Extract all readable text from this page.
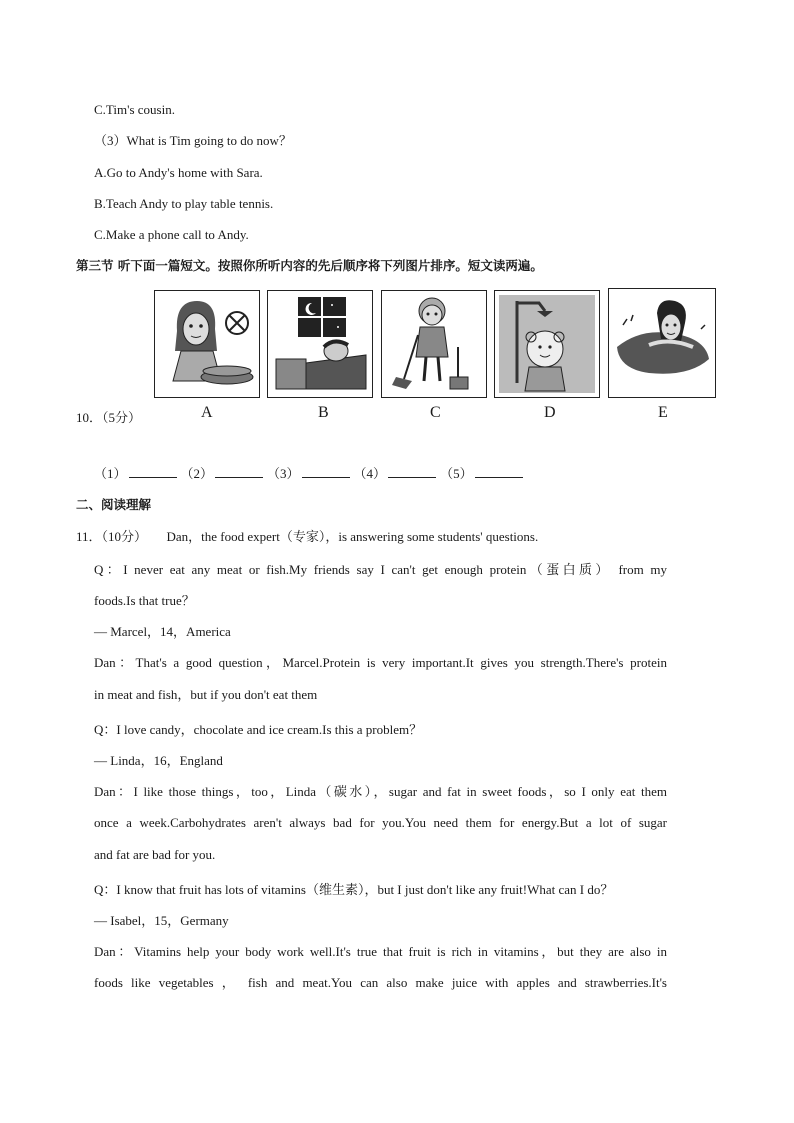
C.Tim's cousin.
（3）What is Tim going to do now？
A.Go to Andy's home with Sara.
B.Teach Andy to play table tennis.
C.Make a phone call to Andy.
第三节 听下面一篇短文。按照你所听内容的先后顺序将下列图片排序。短文读两遍。
A	B	C	D	E
10．（5分）
（1）	（2）	（3）	（4）	（5）
二、阅读理解
11．（10分）　　Dan，the food expert（专家），is answering some students' questions.
Q：I never eat any meat or fish.My friends say I can't get enough protein（蛋白质） from my
foods.Is that true？
— Marcel，14，America
Dan：That's a good question，Marcel.Protein is very important.It gives you strength.There's protein
in meat and fish，but if you don't eat them
Q：I love candy，chocolate and ice cream.Is this a problem？
— Linda，16，England
Dan：I like those things，too，Linda（碳水），sugar and fat in sweet foods，so I only eat them
once a week.Carbohydrates aren't always bad for you.You need them for energy.But a lot of sugar
and fat are bad for you.
Q：I know that fruit has lots of vitamins（维生素），but I just don't like any fruit!What can I do？
— Isabel，15，Germany
Dan：Vitamins help your body work well.It's true that fruit is rich in vitamins，but they are also in
foods like vegetables ， fish and meat.You can also make juice with apples and strawberries.It's
